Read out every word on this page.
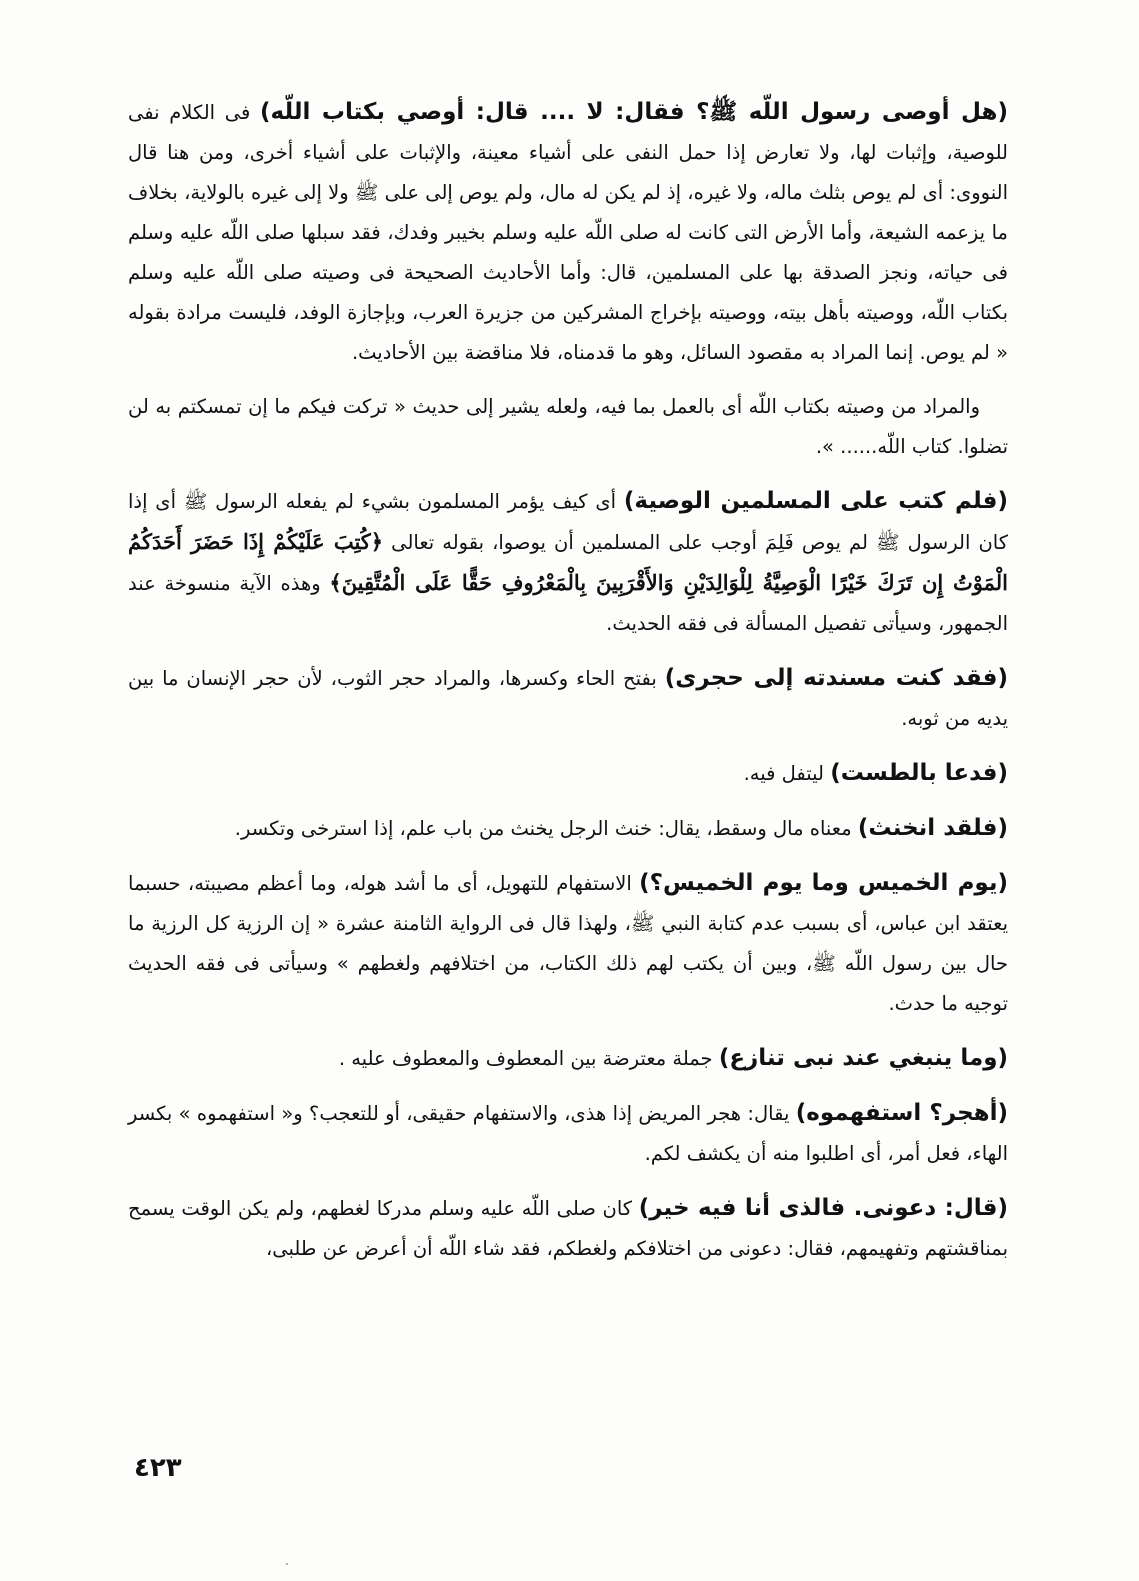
(هل أوصى رسول اللّه ﷺ؟ فقال: لا .... قال: أوصي بكتاب اللّه) فى الكلام نفى للوصية، وإثبات لها، ولا تعارض إذا حمل النفى على أشياء معينة، والإثبات على أشياء أخرى، ومن هنا قال النووى: أى لم يوص بثلث ماله، ولا غيره، إذ لم يكن له مال، ولم يوص إلى على ﷺ ولا إلى غيره بالولاية، بخلاف ما يزعمه الشيعة، وأما الأرض التى كانت له صلى اللّه عليه وسلم بخيبر وفدك، فقد سبلها صلى اللّه عليه وسلم فى حياته، ونجز الصدقة بها على المسلمين، قال: وأما الأحاديث الصحيحة فى وصيته صلى اللّه عليه وسلم بكتاب اللّه، ووصيته بأهل بيته، ووصيته بإخراج المشركين من جزيرة العرب، وبإجازة الوفد، فليست مرادة بقوله « لم يوص. إنما المراد به مقصود السائل، وهو ما قدمناه، فلا مناقضة بين الأحاديث.

والمراد من وصيته بكتاب اللّه أى بالعمل بما فيه، ولعله يشير إلى حديث « تركت فيكم ما إن تمسكتم به لن تضلوا. كتاب اللّه...... ».

(فلم كتب على المسلمين الوصية) أى كيف يؤمر المسلمون بشيء لم يفعله الرسول ﷺ أى إذا كان الرسول ﷺ لم يوص فَلِمَ أوجب على المسلمين أن يوصوا، بقوله تعالى ﴿كُتِبَ عَلَيْكُمْ إِذَا حَضَرَ أَحَدَكُمُ الْمَوْتُ إِن تَرَكَ خَيْرًا الْوَصِيَّةُ لِلْوَالِدَيْنِ وَالأَقْرَبِينَ بِالْمَعْرُوفِ حَقًّا عَلَى الْمُتَّقِينَ﴾ وهذه الآية منسوخة عند الجمهور، وسيأتى تفصيل المسألة فى فقه الحديث.

(فقد كنت مسندته إلى حجرى) بفتح الحاء وكسرها، والمراد حجر الثوب، لأن حجر الإنسان ما بين يديه من ثوبه.

(فدعا بالطست) ليتفل فيه.

(فلقد انخنث) معناه مال وسقط، يقال: خنث الرجل يخنث من باب علم، إذا استرخى وتكسر.

(يوم الخميس وما يوم الخميس؟) الاستفهام للتهويل، أى ما أشد هوله، وما أعظم مصيبته، حسبما يعتقد ابن عباس، أى بسبب عدم كتابة النبي ﷺ، ولهذا قال فى الرواية الثامنة عشرة « إن الرزية كل الرزية ما حال بين رسول اللّه ﷺ، وبين أن يكتب لهم ذلك الكتاب، من اختلافهم ولغطهم » وسيأتى فى فقه الحديث توجيه ما حدث.

(وما ينبغي عند نبى تنازع) جملة معترضة بين المعطوف والمعطوف عليه .

(أهجر؟ استفهموه) يقال: هجر المريض إذا هذى، والاستفهام حقيقى، أو للتعجب؟ و« استفهموه » بكسر الهاء، فعل أمر، أى اطلبوا منه أن يكشف لكم.

(قال: دعونى. فالذى أنا فيه خير) كان صلى اللّه عليه وسلم مدركا لغطهم، ولم يكن الوقت يسمح بمناقشتهم وتفهيمهم، فقال: دعونى من اختلافكم ولغطكم، فقد شاء اللّه أن أعرض عن طلبى،

٤٢٣
